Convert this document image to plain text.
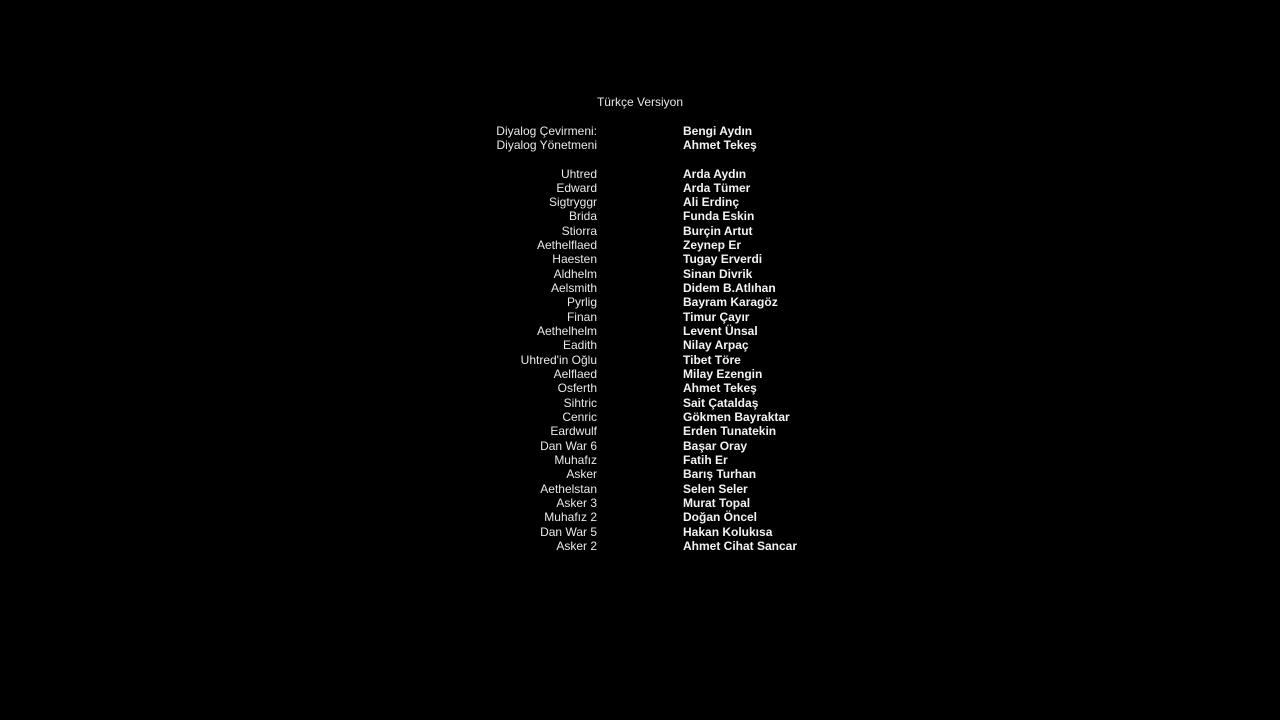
Türkçe Versiyon
Diyalog Çevirmeni:	Bengi Aydın
Diyalog Yönetmeni	Ahmet Tekeş
Uhtred	Arda Aydın
Edward	Arda Tümer
Sigtryggr	Ali Erdinç
Brida	Funda Eskin
Stiorra	Burçin Artut
Aethelflaed	Zeynep Er
Haesten	Tugay Erverdi
Aldhelm	Sinan Divrik
Aelsmith	Didem B.Atlıhan
Pyrlig	Bayram Karagöz
Finan	Timur Çayır
Aethelhelm	Levent Ünsal
Eadith	Nilay Arpaç
Uhtred'in Oğlu	Tibet Töre
Aelflaed	Milay Ezengin
Osferth	Ahmet Tekeş
Sihtric	Sait Çataldaş
Cenric	Gökmen Bayraktar
Eardwulf	Erden Tunatekin
Dan War 6	Başar Oray
Muhafız	Fatih Er
Asker	Barış Turhan
Aethelstan	Selen Seler
Asker 3	Murat Topal
Muhafız 2	Doğan Öncel
Dan War 5	Hakan Kolukısa
Asker 2	Ahmet Cihat Sancar
